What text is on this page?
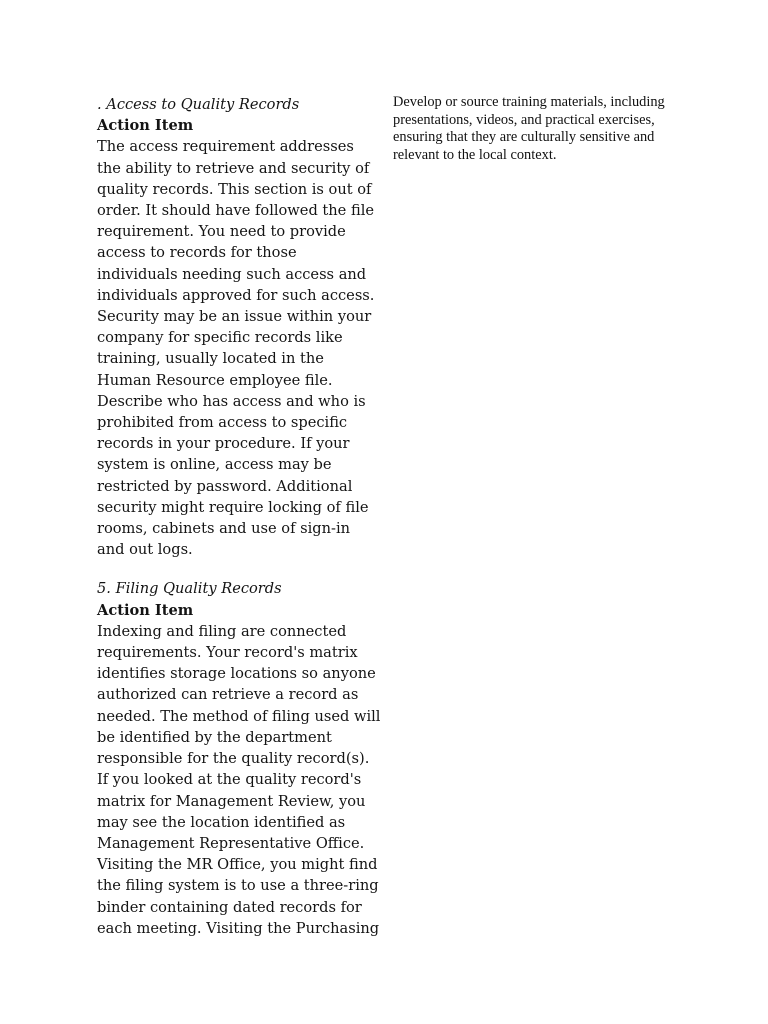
. Access to Quality Records

Action Item

The access requirement addresses the ability to retrieve and security of quality records. This section is out of order. It should have followed the file requirement. You need to provide access to records for those individuals needing such access and individuals approved for such access. Security may be an issue within your company for specific records like training, usually located in the Human Resource employee file. Describe who has access and who is prohibited from access to specific records in your procedure. If your system is online, access may be restricted by password. Additional security might require locking of file rooms, cabinets and use of sign-in and out logs.

5. Filing Quality Records

Action Item

Indexing and filing are connected requirements. Your record's matrix identifies storage locations so anyone authorized can retrieve a record as needed. The method of filing used will be identified by the department responsible for the quality record(s). If you looked at the quality record's matrix for Management Review, you may see the location identified as Management Representative Office. Visiting the MR Office, you might find the filing system is to use a three-ring binder containing dated records for each meeting. Visiting the Purchasing

Develop or source training materials, including presentations, videos, and practical exercises, ensuring that they are culturally sensitive and relevant to the local context.
